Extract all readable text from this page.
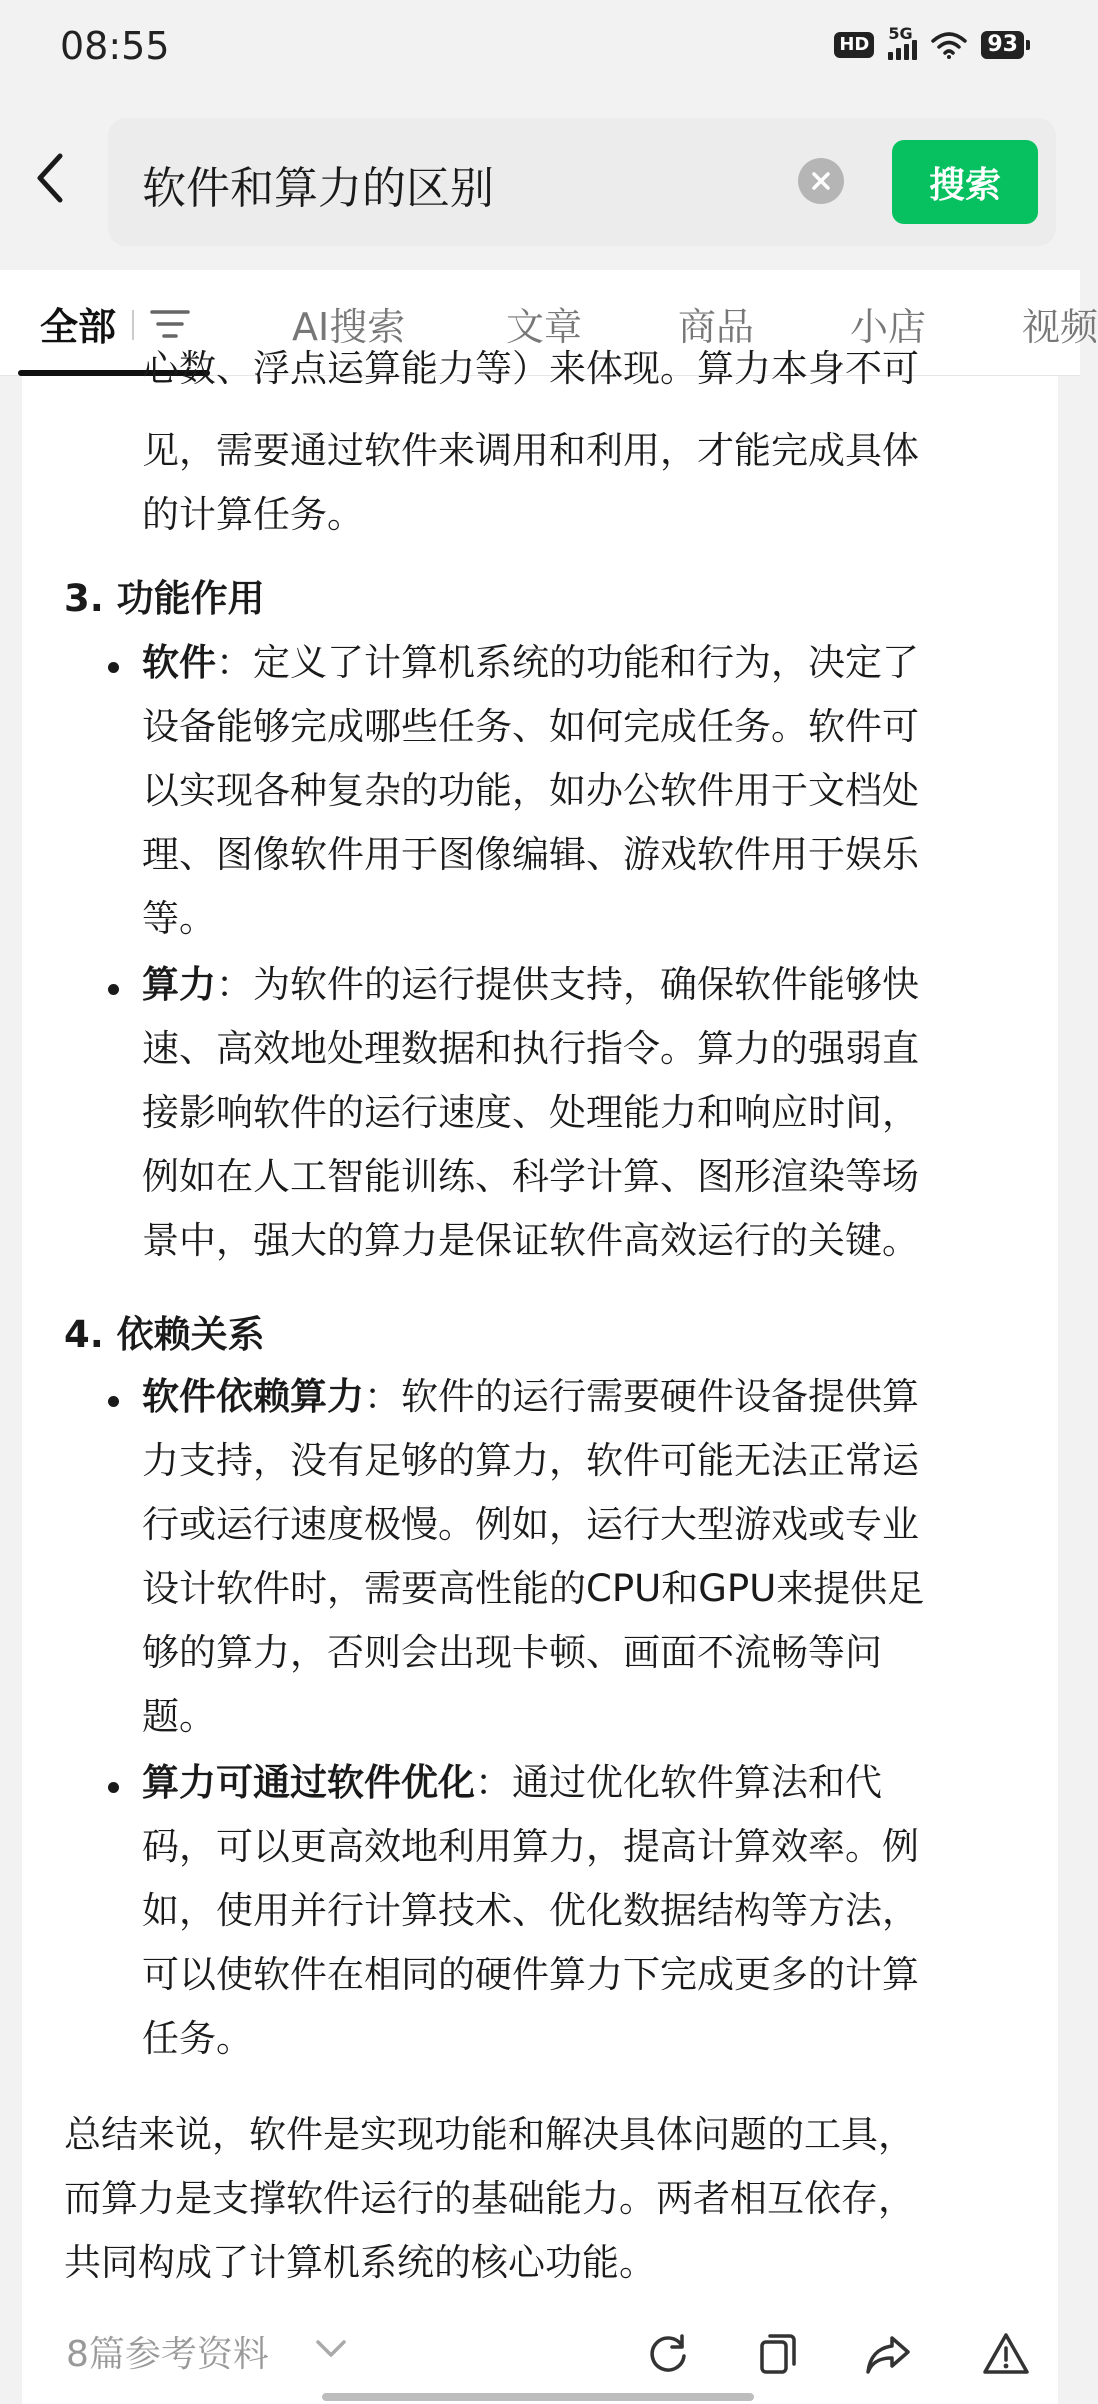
08:55	HD
5G	93
软件和算力的区别	搜索
全部	AI搜索	文章	商品	小店	视频
心数、浮点运算能力等）来体现。算力本身不可
见，需要通过软件来调用和利用，才能完成具体
的计算任务。
3. 功能作用
软件：定义了计算机系统的功能和行为，决定了
设备能够完成哪些任务、如何完成任务。软件可
以实现各种复杂的功能，如办公软件用于文档处
理、图像软件用于图像编辑、游戏软件用于娱乐
等。
算力：为软件的运行提供支持，确保软件能够快
速、高效地处理数据和执行指令。算力的强弱直
接影响软件的运行速度、处理能力和响应时间，
例如在人工智能训练、科学计算、图形渲染等场
景中，强大的算力是保证软件高效运行的关键。
4. 依赖关系
软件依赖算力：软件的运行需要硬件设备提供算
力支持，没有足够的算力，软件可能无法正常运
行或运行速度极慢。例如，运行大型游戏或专业
设计软件时，需要高性能的CPU和GPU来提供足
够的算力，否则会出现卡顿、画面不流畅等问
题。
算力可通过软件优化：通过优化软件算法和代
码，可以更高效地利用算力，提高计算效率。例
如，使用并行计算技术、优化数据结构等方法，
可以使软件在相同的硬件算力下完成更多的计算
任务。
总结来说，软件是实现功能和解决具体问题的工具，
而算力是支撑软件运行的基础能力。两者相互依存，
共同构成了计算机系统的核心功能。
8篇参考资料
